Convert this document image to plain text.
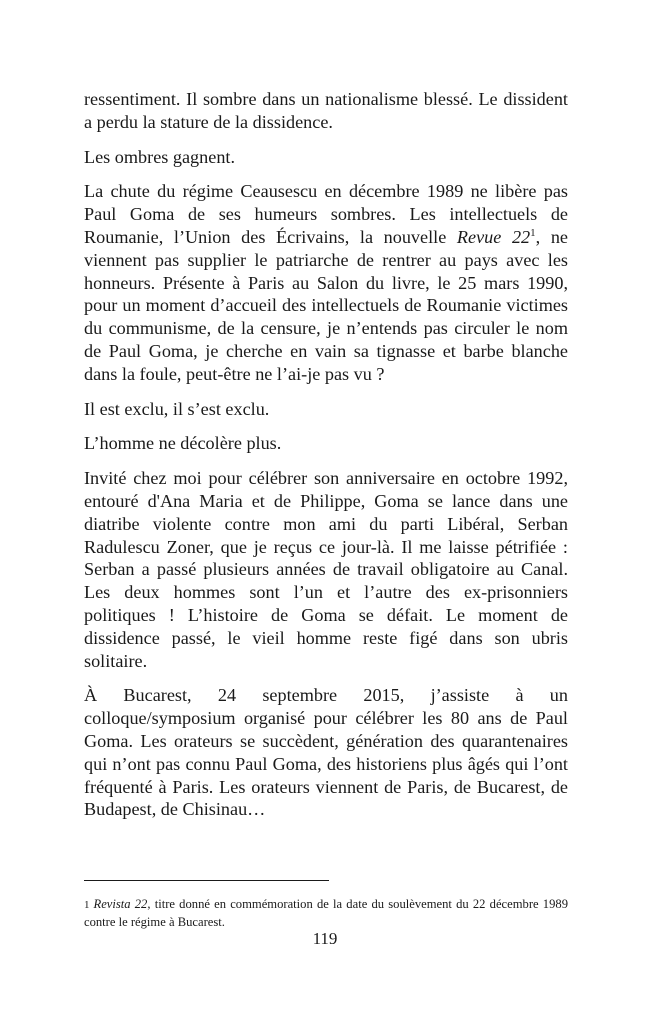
ressentiment. Il sombre dans un nationalisme blessé. Le dissident a perdu la stature de la dissidence.

Les ombres gagnent.

La chute du régime Ceausescu en décembre 1989 ne libère pas Paul Goma de ses humeurs sombres. Les intellectuels de Roumanie, l’Union des Écrivains, la nouvelle Revue 22$^1$, ne viennent pas supplier le patriarche de rentrer au pays avec les honneurs. Présente à Paris au Salon du livre, le 25 mars 1990, pour un moment d’accueil des intellectuels de Roumanie victimes du communisme, de la censure, je n’entends pas circuler le nom de Paul Goma, je cherche en vain sa tignasse et barbe blanche dans la foule, peut-être ne l’ai-je pas vu ?

Il est exclu, il s’est exclu.

L’homme ne décolère plus.

Invité chez moi pour célébrer son anniversaire en octobre 1992, entouré d'Ana Maria et de Philippe, Goma se lance dans une diatribe violente contre mon ami du parti Libéral, Serban Radulescu Zoner, que je reçus ce jour-là. Il me laisse pétrifiée : Serban a passé plusieurs années de travail obligatoire au Canal. Les deux hommes sont l’un et l’autre des ex-prisonniers politiques ! L’histoire de Goma se défait. Le moment de dissidence passé, le vieil homme reste figé dans son ubris solitaire.

À Bucarest, 24 septembre 2015, j’assiste à un colloque/symposium organisé pour célébrer les 80 ans de Paul Goma. Les orateurs se succèdent, génération des quarantenaires qui n’ont pas connu Paul Goma, des historiens plus âgés qui l’ont fréquenté à Paris. Les orateurs viennent de Paris, de Bucarest, de Budapest, de Chisinau…

1 Revista 22, titre donné en commémoration de la date du soulèvement du 22 décembre 1989 contre le régime à Bucarest.

119
